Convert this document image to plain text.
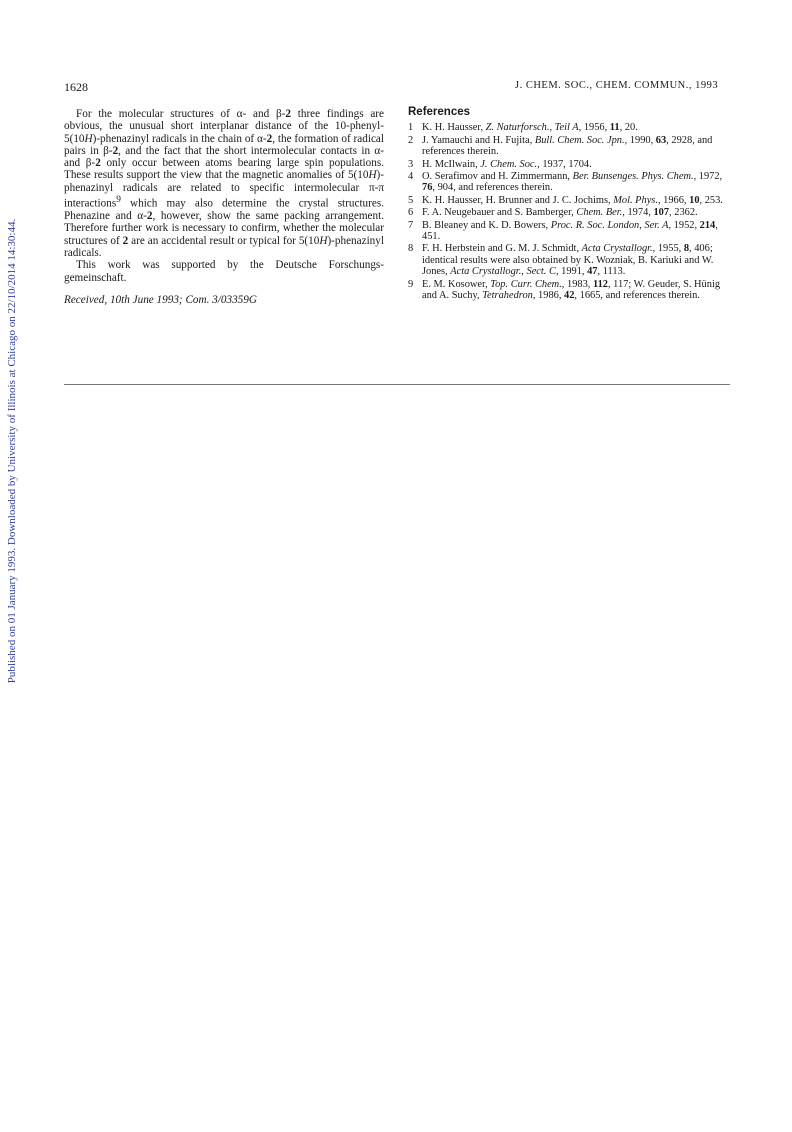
Published on 01 January 1993. Downloaded by University of Illinois at Chicago on 22/10/2014 14:30:44.
1628	J. CHEM. SOC., CHEM. COMMUN., 1993

For the molecular structures of α- and β-2 three findings are obvious, the unusual short interplanar distance of the 10-phenyl-5(10H)-phenazinyl radicals in the chain of α-2, the formation of radical pairs in β-2, and the fact that the short intermolecular contacts in α- and β-2 only occur between atoms bearing large spin populations. These results support the view that the magnetic anomalies of 5(10H)-phenazinyl radicals are related to specific intermolecular π-π interactions$^9$ which may also determine the crystal structures. Phenazine and α-2, however, show the same packing arrangement. Therefore further work is necessary to confirm, whether the molecular structures of 2 are an accidental result or typical for 5(10H)-phenazinyl radicals.

This work was supported by the Deutsche Forschungs-gemeinschaft.

Received, 10th June 1993; Com. 3/03359G

References
1 K. H. Hausser, Z. Naturforsch., Teil A, 1956, 11, 20.
2 J. Yamauchi and H. Fujita, Bull. Chem. Soc. Jpn., 1990, 63, 2928, and references therein.
3 H. McIlwain, J. Chem. Soc., 1937, 1704.
4 O. Serafimov and H. Zimmermann, Ber. Bunsenges. Phys. Chem., 1972, 76, 904, and references therein.
5 K. H. Hausser, H. Brunner and J. C. Jochims, Mol. Phys., 1966, 10, 253.
6 F. A. Neugebauer and S. Bamberger, Chem. Ber., 1974, 107, 2362.
7 B. Bleaney and K. D. Bowers, Proc. R. Soc. London, Ser. A, 1952, 214, 451.
8 F. H. Herbstein and G. M. J. Schmidt, Acta Crystallogr., 1955, 8, 406; identical results were also obtained by K. Wozniak, B. Kariuki and W. Jones, Acta Crystallogr., Sect. C, 1991, 47, 1113.
9 E. M. Kosower, Top. Curr. Chem., 1983, 112, 117; W. Geuder, S. Hünig and A. Suchy, Tetrahedron, 1986, 42, 1665, and references therein.
